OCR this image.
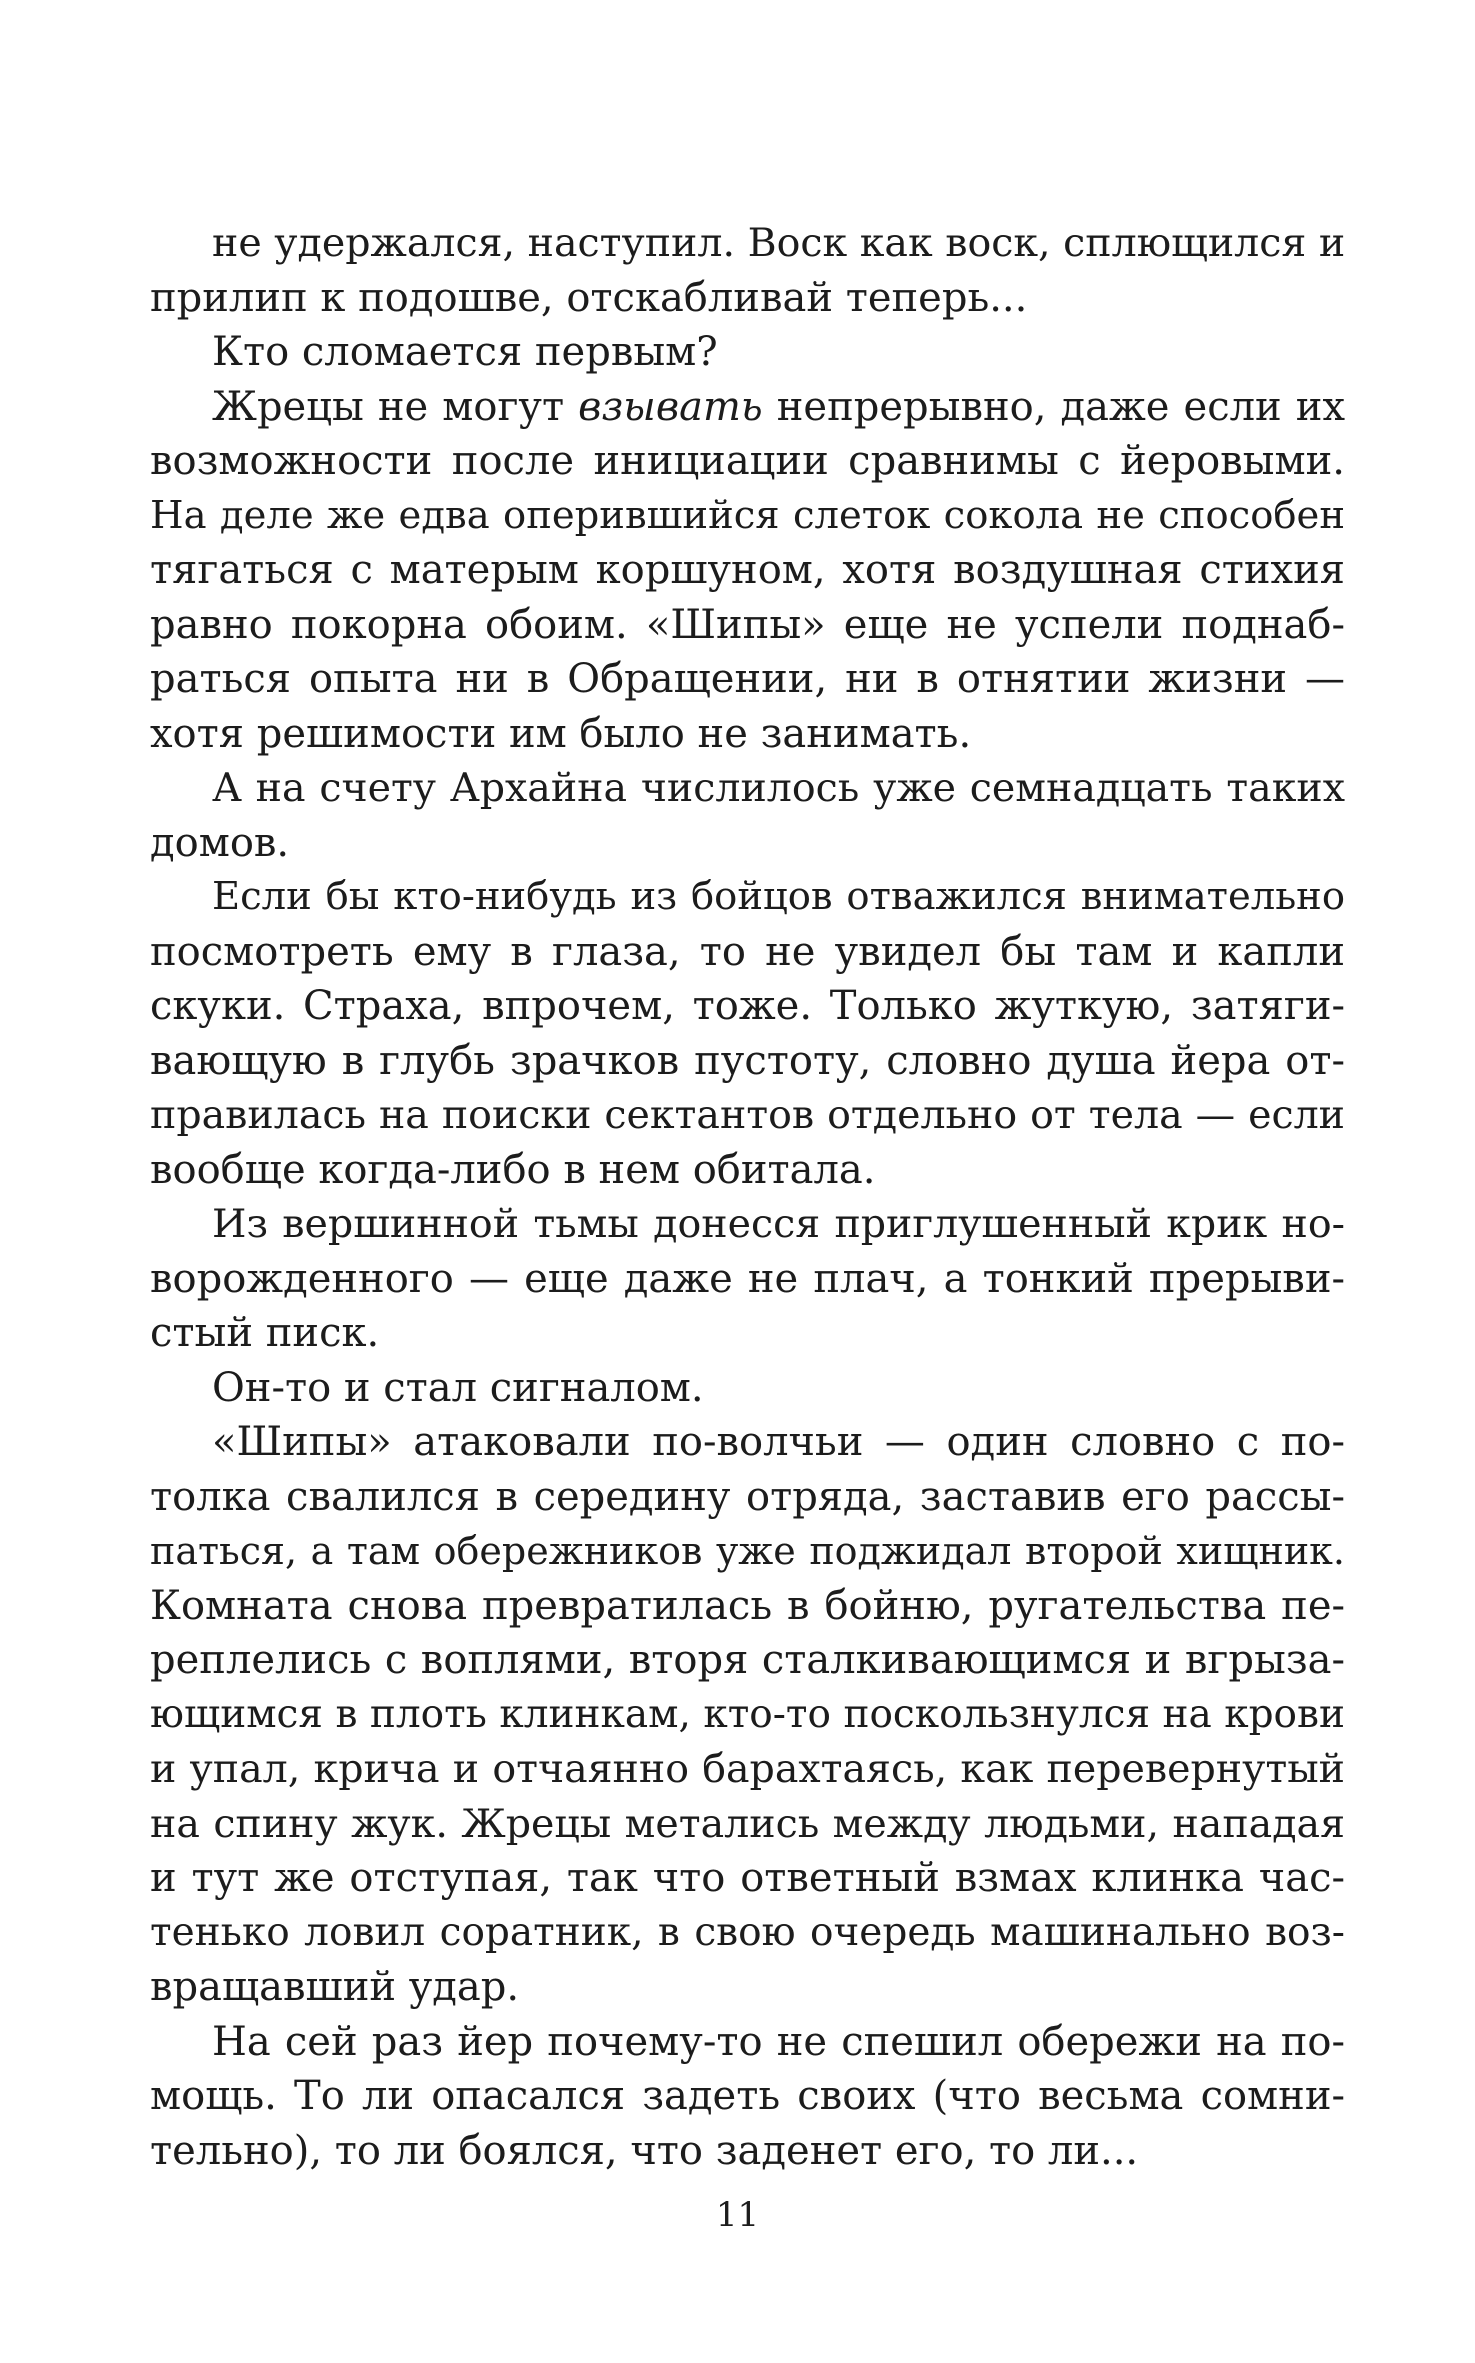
не удержался, наступил. Воск как воск, сплющился и
прилип к подошве, отскабливай теперь...
Кто сломается первым?
Жрецы не могут взывать непрерывно, даже если их
возможности после инициации сравнимы с йеровыми.
На деле же едва оперившийся слеток сокола не способен
тягаться с матерым коршуном, хотя воздушная стихия
равно покорна обоим. «Шипы» еще не успели поднаб-
раться опыта ни в Обращении, ни в отнятии жизни —
хотя решимости им было не занимать.
А на счету Архайна числилось уже семнадцать таких
домов.
Если бы кто-нибудь из бойцов отважился внимательно
посмотреть ему в глаза, то не увидел бы там и капли
скуки. Страха, впрочем, тоже. Только жуткую, затяги-
вающую в глубь зрачков пустоту, словно душа йера от-
правилась на поиски сектантов отдельно от тела — если
вообще когда-либо в нем обитала.
Из вершинной тьмы донесся приглушенный крик но-
ворожденного — еще даже не плач, а тонкий прерыви-
стый писк.
Он-то и стал сигналом.
«Шипы» атаковали по-волчьи — один словно с по-
толка свалился в середину отряда, заставив его рассы-
паться, а там обережников уже поджидал второй хищник.
Комната снова превратилась в бойню, ругательства пе-
реплелись с воплями, вторя сталкивающимся и вгрыза-
ющимся в плоть клинкам, кто-то поскользнулся на крови
и упал, крича и отчаянно барахтаясь, как перевернутый
на спину жук. Жрецы метались между людьми, нападая
и тут же отступая, так что ответный взмах клинка час-
тенько ловил соратник, в свою очередь машинально воз-
вращавший удар.
На сей раз йер почему-то не спешил обережи на по-
мощь. То ли опасался задеть своих (что весьма сомни-
тельно), то ли боялся, что заденет его, то ли...
11
